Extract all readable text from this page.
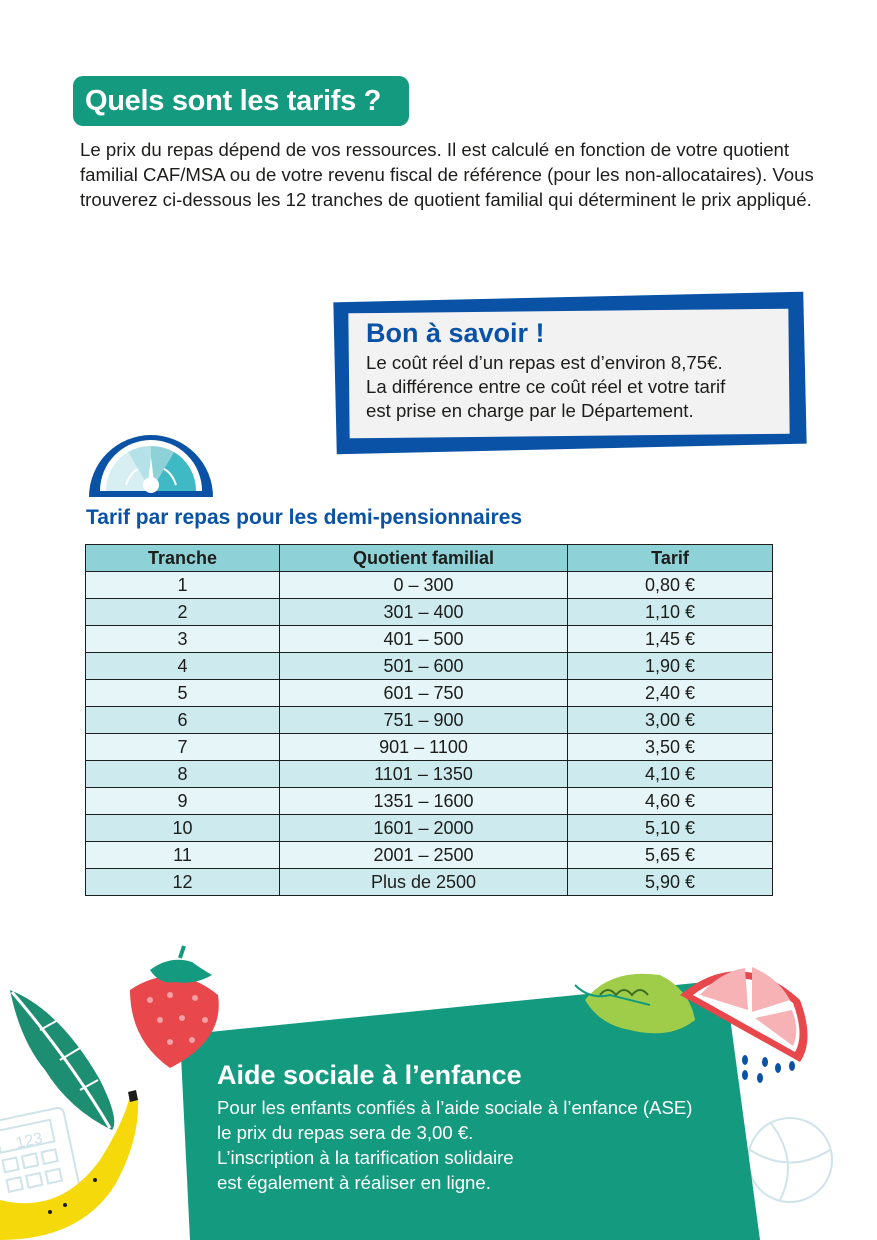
Quels sont les tarifs ?

Le prix du repas dépend de vos ressources. Il est calculé en fonction de votre quotient familial CAF/MSA ou de votre revenu fiscal de référence (pour les non-allocataires). Vous trouverez ci-dessous les 12 tranches de quotient familial qui déterminent le prix appliqué.

Bon à savoir !

Le coût réel d’un repas est d’environ 8,75€.
La différence entre ce coût réel et votre tarif
est prise en charge par le Département.

Tarif par repas pour les demi-pensionnaires

Tranche	Quotient familial	Tarif
1	0 – 300	0,80 €
2	301 – 400	1,10 €
3	401 – 500	1,45 €
4	501 – 600	1,90 €
5	601 – 750	2,40 €
6	751 – 900	3,00 €
7	901 – 1100	3,50 €
8	1101 – 1350	4,10 €
9	1351 – 1600	4,60 €
10	1601 – 2000	5,10 €
11	2001 – 2500	5,65 €
12	Plus de 2500	5,90 €
123

Aide sociale à l’enfance

Pour les enfants confiés à l’aide sociale à l’enfance (ASE)
le prix du repas sera de 3,00 €.
L’inscription à la tarification solidaire
est également à réaliser en ligne.
